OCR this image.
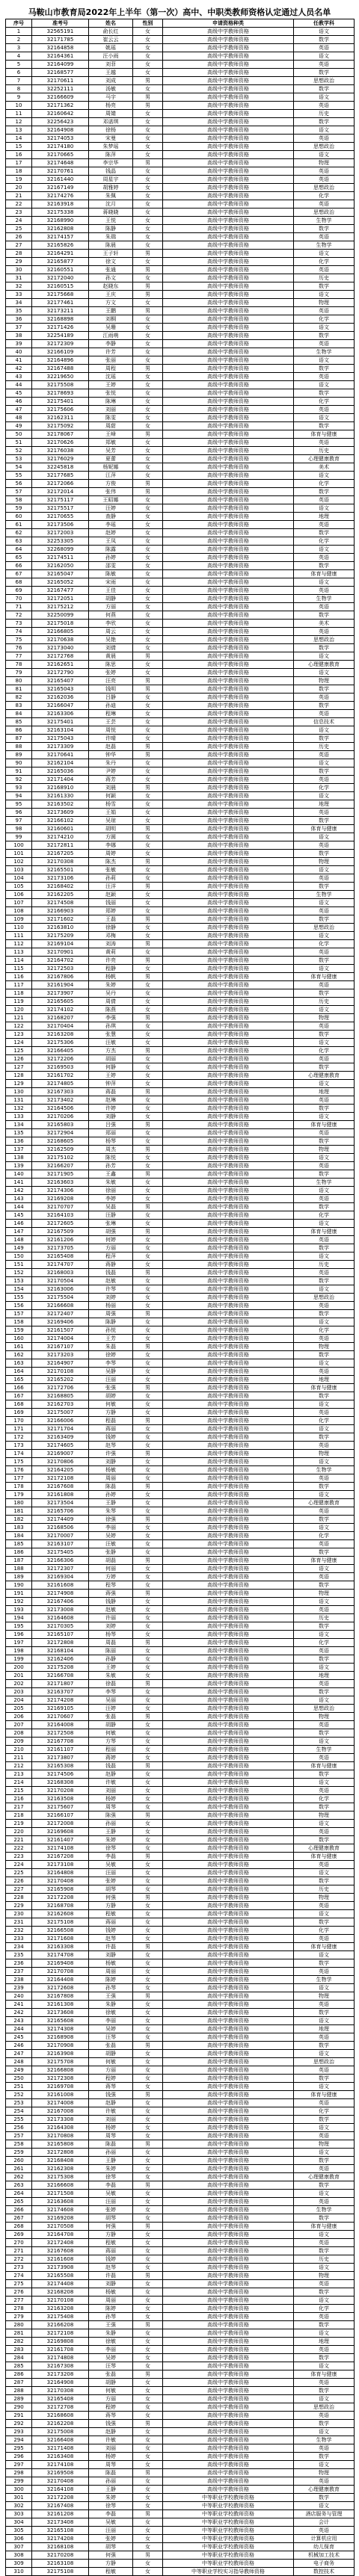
马鞍山市教育局2022年上半年（第一次）高中、中职类教师资格认定通过人员名单
序号	准考号	姓名	性别	申请资格种类	任教学科
1	32565191	俞长红	女	高级中学教师资格	语文
2	32171785	崔云云	女	高级中学教师资格	数学
3	32164858	姚瑶	女	高级中学教师资格	英语
4	32164361	汪小雨	女	高级中学教师资格	语文
5	32164099	刘菲	女	高级中学教师资格	英语
6	32168577	王越	女	高级中学教师资格	数学
7	32170611	刘成	男	高级中学教师资格	思想政治
8	32252111	汤敏	女	高级中学教师资格	数学
9	32166609	马宇	男	高级中学教师资格	语文
10	32171362	杨亮	男	高级中学教师资格	英语
11	32160642	周婧	女	高级中学教师资格	历史
12	32256423	邓诺琪	女	高级中学教师资格	数学
13	32164908	徐杨	女	高级中学教师资格	语文
14	32174053	宋曼	女	高级中学教师资格	英语
15	32174180	朱梦瑶	女	高级中学教师资格	思想政治
16	32170665	陈萍	女	高级中学教师资格	语文
17	32174648	李宗华	男	高级中学教师资格	物理
18	32170761	钱晶	女	高级中学教师资格	英语
19	32161440	周星宇	女	高级中学教师资格	英语
20	32167149	胡雅婷	女	高级中学教师资格	思想政治
21	32174276	朱佩	女	高级中学教师资格	化学
22	32163918	沈月	女	高级中学教师资格	英语
23	32175338	蒋晓晓	女	高级中学教师资格	思想政治
24	32168990	王悦	女	高级中学教师资格	生物学
25	32162808	陈静	女	高级中学教师资格	数学
26	32174157	朱瑞	女	高级中学教师资格	英语
27	32165826	陈晨	女	高级中学教师资格	生物学
28	32164291	王子轩	男	高级中学教师资格	语文
29	32165877	徐文	女	高级中学教师资格	化学
30	32160551	张通	男	高级中学教师资格	英语
31	32172040	孙文	女	高级中学教师资格	历史
32	32160515	赵晓东	男	高级中学教师资格	数学
33	32175668	王庆	男	高级中学教师资格	语文
34	32177461	方文	女	高级中学教师资格	物理
35	32173211	王鹏	男	高级中学教师资格	英语
36	32168898	刘桐	女	高级中学教师资格	化学
37	32171426	吴珊	女	高级中学教师资格	语文
38	32254189	江雨萌	女	高级中学教师资格	数学
39	32172309	李静	女	高级中学教师资格	英语
40	32166109	许芳	女	高级中学教师资格	生物学
41	32164896	张丽	女	高级中学教师资格	语文
42	32167488	周程	男	高级中学教师资格	数学
43	32219650	沈瑶	女	高级中学教师资格	英语
44	32175508	王婷	女	高级中学教师资格	语文
45	32178693	张悦	女	高级中学教师资格	数学
46	32175401	陈琳	女	高级中学教师资格	化学
47	32175606	刘丽	女	高级中学教师资格	英语
48	32162311	陈雯	女	高级中学教师资格	语文
49	32175092	周甜	女	高级中学教师资格	数学
50	32178067	王峰	男	高级中学教师资格	体育与健康
51	32170626	郑敏	女	高级中学教师资格	英语
52	32176038	吴芳	女	高级中学教师资格	历史
53	32176029	夏蕾	女	高级中学教师资格	心理健康教育
54	32245818	杨妮娜	女	高级中学教师资格	美术
55	32177685	江萍	女	高级中学教师资格	语文
56	32172066	方俊	男	高级中学教师资格	化学
57	32172014	张伟	男	高级中学教师资格	数学
58	32175117	王昭娜	女	高级中学教师资格	英语
59	32175517	汪婷	女	高级中学教师资格	语文
60	32170655	查静	女	高级中学教师资格	地理
61	32173506	李瑶	女	高级中学教师资格	英语
62	32172003	赵婷	女	高级中学教师资格	数学
63	32253305	王凤	女	高级中学教师资格	化学
64	32268099	陈露	女	高级中学教师资格	语文
65	32174511	孙婷	女	高级中学教师资格	英语
66	32162050	邵雯	女	高级中学教师资格	数学
67	32165047	陈敏	女	高级中学教师资格	体育与健康
68	32165052	宋雨	女	高级中学教师资格	语文
69	32167477	王佳	女	高级中学教师资格	英语
70	32172051	胡静	女	高级中学教师资格	生物学
71	32175212	方丽	女	高级中学教师资格	英语
72	32250099	何燕	女	高级中学教师资格	数学
73	32175018	李欣	女	高级中学教师资格	美术
74	32166805	周云	女	高级中学教师资格	英语
75	32170638	吴艳	女	高级中学教师资格	思想政治
76	32173040	刘倩	女	高级中学教师资格	数学
77	32172768	黄晨	男	高级中学教师资格	语文
78	32162651	陈思	女	高级中学教师资格	心理健康教育
79	32172790	张婷	女	高级中学教师资格	语文
80	32165407	汪亮	男	高级中学教师资格	物理
81	32165043	钱明	男	高级中学教师资格	数学
82	32162036	吕静	女	高级中学教师资格	英语
83	32166047	孙迪	女	高级中学教师资格	数学
84	32163306	程琳	女	高级中学教师资格	英语
85	32175401	王芸	女	高级中学教师资格	信息技术
86	32163104	周悦	女	高级中学教师资格	语文
87	32175043	许晴	女	高级中学教师资格	数学
88	32173309	赵磊	男	高级中学教师资格	历史
89	32170641	钟华	男	高级中学教师资格	英语
90	32162104	朱丹	女	高级中学教师资格	语文
91	32165036	尹婷	女	高级中学教师资格	数学
92	32171404	蒋芳	女	高级中学教师资格	英语
93	32168910	刘晨	男	高级中学教师资格	化学
94	32161330	何颖	女	高级中学教师资格	语文
95	32163502	杨雪	女	高级中学教师资格	地理
96	32173609	王娟	女	高级中学教师资格	英语
97	32166102	吴琼	女	高级中学教师资格	数学
98	32160601	胡明	男	高级中学教师资格	体育与健康
99	32174210	方圆	女	高级中学教师资格	语文
100	32172811	李娜	女	高级中学教师资格	英语
101	32167205	周婷	女	高级中学教师资格	数学
102	32170308	陈杰	男	高级中学教师资格	物理
103	32165501	张敏	女	高级中学教师资格	语文
104	32173106	孙莉	女	高级中学教师资格	英语
105	32168402	汪洋	男	高级中学教师资格	数学
106	32162205	赵颖	女	高级中学教师资格	生物学
107	32174508	钱丽	女	高级中学教师资格	语文
108	32166903	郑婷	女	高级中学教师资格	英语
109	32171602	王磊	男	高级中学教师资格	数学
110	32163810	徐静	女	高级中学教师资格	思想政治
111	32175209	邓梅	女	高级中学教师资格	语文
112	32169104	刘涛	男	高级中学教师资格	化学
113	32170901	黄莉	女	高级中学教师资格	英语
114	32164702	许亮	男	高级中学教师资格	数学
115	32172503	程静	女	高级中学教师资格	语文
116	32167806	杨帆	男	高级中学教师资格	体育与健康
117	32161904	朱婷	女	高级中学教师资格	英语
118	32173907	吴丹	女	高级中学教师资格	数学
119	32165605	周倩	女	高级中学教师资格	历史
120	32174102	陈燕	女	高级中学教师资格	语文
121	32168207	李强	男	高级中学教师资格	物理
122	32170404	孙琪	女	高级中学教师资格	英语
123	32163208	张慧	女	高级中学教师资格	数学
124	32175306	汪敏	女	高级中学教师资格	语文
125	32166405	方杰	男	高级中学教师资格	化学
126	32172206	胡丽	女	高级中学教师资格	英语
127	32169503	何静	女	高级中学教师资格	数学
128	32161702	王婷	女	高级中学教师资格	心理健康教育
129	32174805	钟萍	女	高级中学教师资格	语文
130	32167303	蒋磊	男	高级中学教师资格	地理
131	32173402	赵琳	女	高级中学教师资格	英语
132	32164506	许婷	女	高级中学教师资格	数学
133	32170206	刘静	女	高级中学教师资格	语文
134	32165803	吕强	男	高级中学教师资格	体育与健康
135	32172904	郑丽	女	高级中学教师资格	英语
136	32168605	杨琴	女	高级中学教师资格	数学
137	32162509	周杰	男	高级中学教师资格	物理
138	32175102	陈悦	女	高级中学教师资格	语文
139	32166207	孙芳	女	高级中学教师资格	英语
140	32171905	王鑫	男	高级中学教师资格	数学
141	32163603	朱敏	女	高级中学教师资格	生物学
142	32174306	徐丽	女	高级中学教师资格	语文
143	32169208	李婷	女	高级中学教师资格	英语
144	32170707	吴磊	男	高级中学教师资格	数学
145	32164103	汪静	女	高级中学教师资格	化学
146	32172605	张琳	女	高级中学教师资格	语文
147	32167509	胡强	男	高级中学教师资格	体育与健康
148	32161206	何婷	女	高级中学教师资格	英语
149	32173705	方丽	女	高级中学教师资格	数学
150	32165408	程萍	女	高级中学教师资格	语文
151	32174707	蒋静	女	高级中学教师资格	历史
152	32168003	钱磊	男	高级中学教师资格	英语
153	32170504	赵敏	女	高级中学教师资格	数学
154	32163006	许琴	女	高级中学教师资格	语文
155	32175504	刘婷	女	高级中学教师资格	思想政治
156	32166608	杨丽	女	高级中学教师资格	英语
157	32172407	周强	男	高级中学教师资格	数学
158	32169406	陈静	女	高级中学教师资格	语文
159	32161507	孙悦	女	高级中学教师资格	化学
160	32174004	王芳	女	高级中学教师资格	英语
161	32167107	朱磊	男	高级中学教师资格	物理
162	32173203	徐婷	女	高级中学教师资格	数学
163	32164907	李琴	女	高级中学教师资格	语文
164	32170108	吴静	女	高级中学教师资格	英语
165	32165202	汪丽	女	高级中学教师资格	地理
166	32172706	张强	男	高级中学教师资格	体育与健康
167	32168805	胡婷	女	高级中学教师资格	数学
168	32162703	何敏	女	高级中学教师资格	语文
169	32175007	方静	女	高级中学教师资格	英语
170	32166006	程磊	男	高级中学教师资格	化学
171	32171704	蒋丽	女	高级中学教师资格	语文
172	32163409	钱婷	女	高级中学教师资格	数学
173	32174605	赵琴	女	高级中学教师资格	英语
174	32169007	许强	男	高级中学教师资格	物理
175	32170806	刘静	女	高级中学教师资格	语文
176	32164205	杨敏	女	高级中学教师资格	生物学
177	32172108	周丽	女	高级中学教师资格	英语
178	32167608	陈磊	男	高级中学教师资格	数学
179	32161808	孙婷	女	高级中学教师资格	语文
180	32173504	王静	女	高级中学教师资格	心理健康教育
181	32165706	朱琴	女	高级中学教师资格	英语
182	32174409	徐强	男	高级中学教师资格	数学
183	32168506	李丽	女	高级中学教师资格	语文
184	32170007	吴婷	女	高级中学教师资格	化学
185	32163107	汪敏	女	高级中学教师资格	英语
186	32175405	张静	女	高级中学教师资格	数学
187	32166306	胡磊	男	高级中学教师资格	体育与健康
188	32172307	何丽	女	高级中学教师资格	语文
189	32169304	方婷	女	高级中学教师资格	英语
190	32161608	程琴	女	高级中学教师资格	数学
191	32174908	蒋强	男	高级中学教师资格	物理
192	32167406	钱静	女	高级中学教师资格	语文
193	32173008	赵敏	女	高级中学教师资格	英语
194	32164608	许丽	女	高级中学教师资格	历史
195	32170305	刘婷	女	高级中学教师资格	数学
196	32165107	杨琴	女	高级中学教师资格	语文
197	32172808	周磊	男	高级中学教师资格	化学
198	32168104	陈丽	女	高级中学教师资格	英语
199	32162406	孙静	女	高级中学教师资格	数学
200	32175208	王婷	女	高级中学教师资格	语文
201	32166708	朱敏	女	高级中学教师资格	地理
202	32171807	徐磊	男	高级中学教师资格	英语
203	32163707	李琴	女	高级中学教师资格	数学
204	32174208	吴丽	女	高级中学教师资格	语文
205	32169105	汪婷	女	高级中学教师资格	思想政治
206	32170607	张磊	男	高级中学教师资格	物理
207	32164008	胡静	女	高级中学教师资格	英语
208	32172508	何敏	女	高级中学教师资格	数学
209	32167708	方琴	女	高级中学教师资格	语文
210	32161107	程丽	女	高级中学教师资格	生物学
211	32173807	蒋婷	女	高级中学教师资格	英语
212	32165308	钱磊	男	高级中学教师资格	体育与健康
213	32174506	赵静	女	高级中学教师资格	数学
214	32168308	许敏	女	高级中学教师资格	语文
215	32170208	刘丽	女	高级中学教师资格	英语
216	32163508	杨婷	女	高级中学教师资格	化学
217	32175607	周琴	女	高级中学教师资格	数学
218	32166107	陈强	男	高级中学教师资格	物理
219	32172008	孙丽	女	高级中学教师资格	语文
220	32169608	王静	女	高级中学教师资格	英语
221	32161407	朱婷	女	高级中学教师资格	数学
222	32174108	徐琴	女	高级中学教师资格	心理健康教育
223	32167208	李磊	男	高级中学教师资格	体育与健康
224	32173108	吴敏	女	高级中学教师资格	英语
225	32164808	汪丽	女	高级中学教师资格	语文
226	32170408	张婷	女	高级中学教师资格	数学
227	32165908	胡琴	女	高级中学教师资格	历史
228	32172208	何强	男	高级中学教师资格	物理
229	32168708	方静	女	高级中学教师资格	英语
230	32162608	程敏	女	高级中学教师资格	语文
231	32175108	蒋丽	女	高级中学教师资格	数学
232	32166508	钱婷	女	高级中学教师资格	化学
233	32171608	赵琴	女	高级中学教师资格	英语
234	32163308	许磊	男	高级中学教师资格	体育与健康
235	32174708	刘静	女	高级中学教师资格	语文
236	32169408	杨敏	女	高级中学教师资格	数学
237	32170708	周丽	女	高级中学教师资格	英语
238	32164408	陈婷	女	高级中学教师资格	生物学
239	32172608	孙琴	女	高级中学教师资格	语文
240	32167808	王强	男	高级中学教师资格	物理
241	32161308	朱静	女	高级中学教师资格	英语
242	32173608	徐敏	女	高级中学教师资格	数学
243	32165608	李丽	女	高级中学教师资格	语文
244	32174308	吴婷	女	高级中学教师资格	地理
245	32168908	汪琴	女	高级中学教师资格	英语
246	32170908	张磊	男	高级中学教师资格	数学
247	32163908	胡静	女	高级中学教师资格	语文
248	32175708	何敏	女	高级中学教师资格	思想政治
249	32166808	方丽	女	高级中学教师资格	英语
250	32172308	程婷	女	高级中学教师资格	数学
251	32169708	蒋琴	女	高级中学教师资格	语文
252	32161008	钱强	男	高级中学教师资格	体育与健康
253	32174008	赵静	女	高级中学教师资格	英语
254	32167008	许敏	女	高级中学教师资格	化学
255	32173308	刘丽	女	高级中学教师资格	数学
256	32164308	杨婷	女	高级中学教师资格	语文
257	32170808	周琴	女	高级中学教师资格	英语
258	32165808	陈磊	男	高级中学教师资格	物理
259	32172808	孙丽	女	高级中学教师资格	语文
260	32168408	王静	女	高级中学教师资格	数学
261	32162308	朱婷	女	高级中学教师资格	英语
262	32175308	徐琴	女	高级中学教师资格	心理健康教育
263	32166608	李磊	男	高级中学教师资格	数学
264	32171508	吴敏	女	高级中学教师资格	语文
265	32163608	汪丽	女	高级中学教师资格	英语
266	32174608	张婷	女	高级中学教师资格	生物学
267	32169208	胡琴	女	高级中学教师资格	数学
268	32170508	何强	男	高级中学教师资格	体育与健康
269	32164708	方静	女	高级中学教师资格	语文
270	32172408	程敏	女	高级中学教师资格	英语
271	32167608	蒋丽	女	高级中学教师资格	数学
272	32161608	钱婷	女	高级中学教师资格	历史
273	32173908	赵琴	女	高级中学教师资格	语文
274	32165508	许磊	男	高级中学教师资格	物理
275	32174408	刘静	女	高级中学教师资格	英语
276	32168208	杨敏	女	高级中学教师资格	数学
277	32170108	周丽	女	高级中学教师资格	语文
278	32163208	陈婷	女	高级中学教师资格	化学
279	32175408	孙琴	女	高级中学教师资格	英语
280	32166208	王强	男	高级中学教师资格	数学
281	32172108	朱静	女	高级中学教师资格	语文
282	32169808	徐敏	女	高级中学教师资格	地理
283	32161708	李丽	女	高级中学教师资格	英语
284	32174808	吴婷	女	高级中学教师资格	数学
285	32167308	汪琴	女	高级中学教师资格	语文
286	32173208	张磊	男	高级中学教师资格	体育与健康
287	32164908	胡静	女	高级中学教师资格	英语
288	32170308	何敏	女	高级中学教师资格	数学
289	32165408	方丽	女	高级中学教师资格	语文
290	32172708	程婷	女	高级中学教师资格	思想政治
291	32168608	蒋琴	女	高级中学教师资格	英语
292	32162208	钱强	男	高级中学教师资格	数学
293	32175008	赵静	女	高级中学教师资格	语文
294	32166408	许敏	女	高级中学教师资格	生物学
295	32171408	刘丽	女	高级中学教师资格	英语
296	32163408	杨婷	女	高级中学教师资格	数学
297	32174108	周琴	女	高级中学教师资格	语文
298	32169508	陈磊	男	高级中学教师资格	物理
299	32170408	孙丽	女	高级中学教师资格	英语
300	32164108	王静	女	高级中学教师资格	心理健康教育
301	32172208	朱婷	女	中等职业学校教师资格	数学
302	32167408	徐琴	女	中等职业学校教师资格	语文
303	32161208	李磊	男	中等职业学校教师资格	酒店服务与管理
304	32173408	吴敏	女	中等职业学校教师资格	会计
305	32165108	汪丽	女	中等职业学校教师资格	英语
306	32174208	张婷	女	中等职业学校教师资格	计算机应用
307	32168108	胡琴	女	中等职业学校教师资格	幼儿保育
308	32170208	何强	男	中等职业学校教师资格	机械加工技术
309	32163108	方静	女	中等职业学校教师资格	电子商务
310	32175108	程敏	女	中等职业学校实习指导教师资格	数控技术
